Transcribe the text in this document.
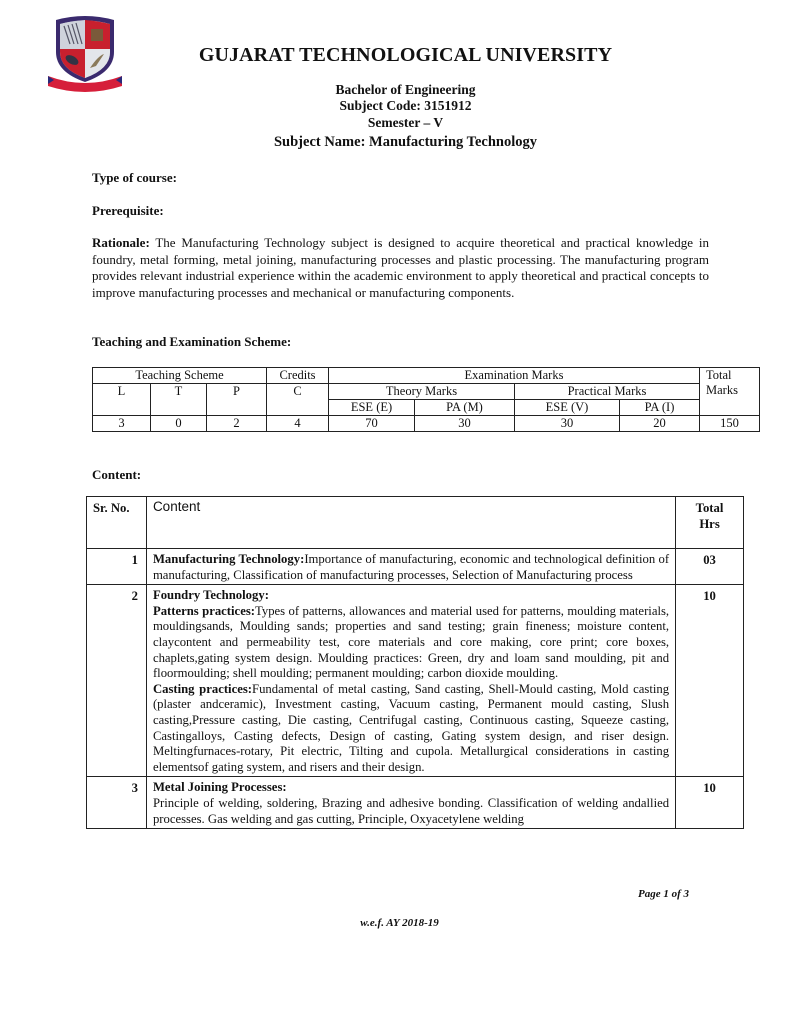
GUJARAT TECHNOLOGICAL UNIVERSITY
Bachelor of Engineering
Subject Code: 3151912
Semester – V
Subject Name: Manufacturing Technology
Type of course:
Prerequisite:
Rationale: The Manufacturing Technology subject is designed to acquire theoretical and practical knowledge in foundry, metal forming, metal joining, manufacturing processes and plastic processing. The manufacturing program provides relevant industrial experience within the academic environment to apply theoretical and practical concepts to improve manufacturing processes and mechanical or manufacturing components.
Teaching and Examination Scheme:
Teaching Scheme			Credits	Examination Marks				Total
Marks
L	T	P	C	Theory Marks		Practical Marks		
				ESE (E)	PA (M)	ESE (V)	PA (I)	
3	0	2	4	70	30	30	20	150
Content:
Sr. No.	Content	Total
Hrs
1	Manufacturing Technology:Importance of manufacturing, economic and technological definition of manufacturing, Classification of manufacturing processes, Selection of Manufacturing process	03
2	Foundry Technology:
Patterns practices:Types of patterns, allowances and material used for patterns, moulding materials, mouldingsands, Moulding sands; properties and sand testing; grain fineness; moisture content, claycontent and permeability test, core materials and core making, core print; core boxes, chaplets,gating system design. Moulding practices: Green, dry and loam sand moulding, pit and floormoulding; shell moulding; permanent moulding; carbon dioxide moulding.
Casting practices:Fundamental of metal casting, Sand casting, Shell-Mould casting, Mold casting (plaster andceramic), Investment casting, Vacuum casting, Permanent mould casting, Slush casting,Pressure casting, Die casting, Centrifugal casting, Continuous casting, Squeeze casting, Castingalloys, Casting defects, Design of casting, Gating system design, and riser design. Meltingfurnaces-rotary, Pit electric, Tilting and cupola. Metallurgical considerations in casting elementsof gating system, and risers and their design.	10
3	Metal Joining Processes:
Principle of welding, soldering, Brazing and adhesive bonding. Classification of welding andallied processes. Gas welding and gas cutting, Principle, Oxyacetylene welding	10
Page 1 of 3
w.e.f. AY 2018-19
